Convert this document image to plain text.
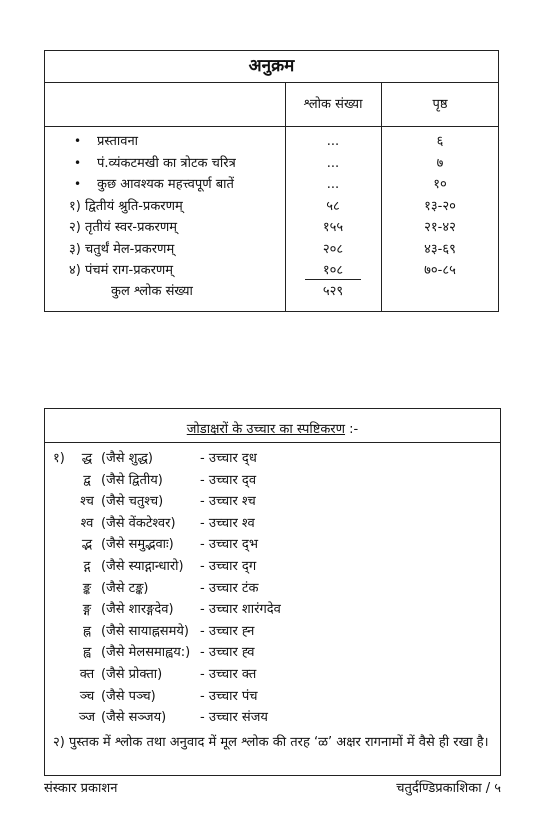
अनुक्रम
श्लोक संख्या	पृष्ठ
• प्रस्तावना	...	६
• पं.व्यंकटमखी का त्रोटक चरित्र	...	७
• कुछ आवश्यक महत्त्वपूर्ण बातें	...	१०
१) द्वितीयं श्रुति-प्रकरणम्	५८	१३-२०
२) तृतीयं स्वर-प्रकरणम्	१५५	२१-४२
३) चतुर्थं मेल-प्रकरणम्	२०८	४३-६९
४) पंचमं राग-प्रकरणम्	१०८	७०-८५
कुल श्लोक संख्या	५२९
जोडाक्षरों के उच्चार का स्पष्टिकरण :-
१)	द्ध (जैसे शुद्ध)	- उच्चार द्‍ध
द्व (जैसे द्वितीय)	- उच्चार द्‍व
श्च (जैसे चतुश्च)	- उच्चार श्‍च
श्व (जैसे वेंकटेश्वर) - उच्चार श्‍व
द्भ (जैसे समुद्भवाः) - उच्चार द्‍भ
द्ग (जैसे स्याद्गान्धारो) - उच्चार द्‍ग
ङ्क (जैसे टङ्क)	- उच्चार टंक
ङ्ग (जैसे शारङ्गदेव) - उच्चार शारंगदेव
ह्न (जैसे सायाह्नसमये) - उच्चार ह्‍न
ह्व (जैसे मेलसमाह्वय:) - उच्चार ह्‍व
क्त (जैसे प्रोक्ता)	- उच्चार क्‍त
ञ्च (जैसे पञ्च)	- उच्चार पंच
ञ्ज (जैसे सञ्जय)	- उच्चार संजय
२) पुस्तक में श्लोक तथा अनुवाद में मूल श्लोक की तरह ‘ळ’ अक्षर रागनामों में वैसे ही रखा है।
संस्कार प्रकाशन	चतुर्दण्डिप्रकाशिका / ५
